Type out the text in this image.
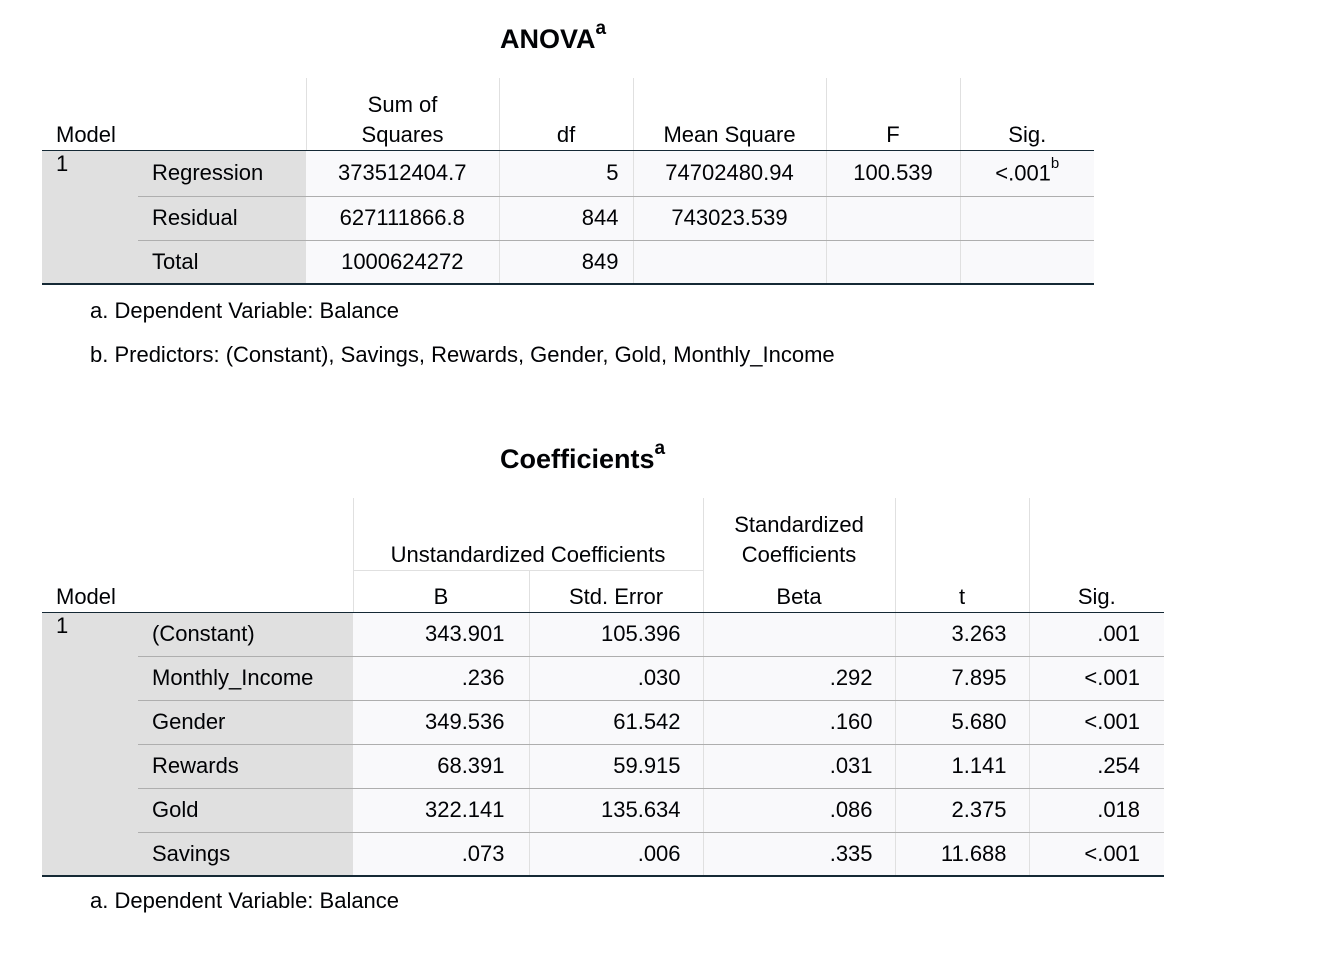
ANOVA$^a$
Model		Sum of
Squares	df	Mean Square	F	Sig.
1	Regression	373512404.7	5	74702480.94	100.539	<.001$^b$
	Residual	627111866.8	844	743023.539		
	Total	1000624272	849			
a. Dependent Variable: Balance
b. Predictors: (Constant), Savings, Rewards, Gender, Gold, Monthly_Income
Coefficients$^a$
Model		Unstandardized Coefficients		Standardized
Coefficients	t	Sig.
		B	Std. Error	Beta		
1	(Constant)	343.901	105.396		3.263	.001
	Monthly_Income	.236	.030	.292	7.895	<.001
	Gender	349.536	61.542	.160	5.680	<.001
	Rewards	68.391	59.915	.031	1.141	.254
	Gold	322.141	135.634	.086	2.375	.018
	Savings	.073	.006	.335	11.688	<.001
a. Dependent Variable: Balance
